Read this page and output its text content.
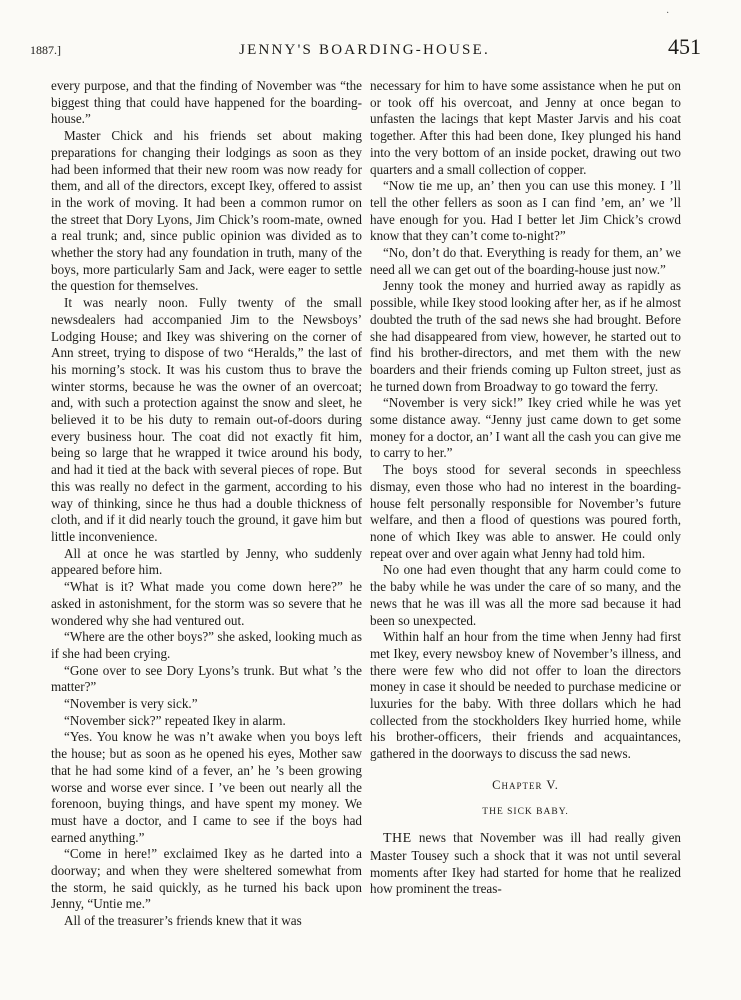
·
1887.]	JENNY'S BOARDING-HOUSE.	451

every purpose, and that the finding of November was “the biggest thing that could have happened for the boarding-house.”

Master Chick and his friends set about making preparations for changing their lodgings as soon as they had been informed that their new room was now ready for them, and all of the directors, except Ikey, offered to assist in the work of moving. It had been a common rumor on the street that Dory Lyons, Jim Chick’s room-mate, owned a real trunk; and, since public opinion was divided as to whether the story had any foundation in truth, many of the boys, more particularly Sam and Jack, were eager to settle the question for themselves.

It was nearly noon. Fully twenty of the small newsdealers had accompanied Jim to the Newsboys’ Lodging House; and Ikey was shivering on the corner of Ann street, trying to dispose of two “Heralds,” the last of his morning’s stock. It was his custom thus to brave the winter storms, because he was the owner of an overcoat; and, with such a protection against the snow and sleet, he believed it to be his duty to remain out-of-doors during every business hour. The coat did not exactly fit him, being so large that he wrapped it twice around his body, and had it tied at the back with several pieces of rope. But this was really no defect in the garment, according to his way of thinking, since he thus had a double thickness of cloth, and if it did nearly touch the ground, it gave him but little inconvenience.

All at once he was startled by Jenny, who suddenly appeared before him.

“What is it? What made you come down here?” he asked in astonishment, for the storm was so severe that he wondered why she had ventured out.

“Where are the other boys?” she asked, looking much as if she had been crying.

“Gone over to see Dory Lyons’s trunk. But what ’s the matter?”

“November is very sick.”

“November sick?” repeated Ikey in alarm.

“Yes. You know he was n’t awake when you boys left the house; but as soon as he opened his eyes, Mother saw that he had some kind of a fever, an’ he ’s been growing worse and worse ever since. I ’ve been out nearly all the forenoon, buying things, and have spent my money. We must have a doctor, and I came to see if the boys had earned anything.”

“Come in here!” exclaimed Ikey as he darted into a doorway; and when they were sheltered somewhat from the storm, he said quickly, as he turned his back upon Jenny, “Untie me.”

All of the treasurer’s friends knew that it was

necessary for him to have some assistance when he put on or took off his overcoat, and Jenny at once began to unfasten the lacings that kept Master Jarvis and his coat together. After this had been done, Ikey plunged his hand into the very bottom of an inside pocket, drawing out two quarters and a small collection of copper.

“Now tie me up, an’ then you can use this money. I ’ll tell the other fellers as soon as I can find ’em, an’ we ’ll have enough for you. Had I better let Jim Chick’s crowd know that they can’t come to-night?”

“No, don’t do that. Everything is ready for them, an’ we need all we can get out of the boarding-house just now.”

Jenny took the money and hurried away as rapidly as possible, while Ikey stood looking after her, as if he almost doubted the truth of the sad news she had brought. Before she had disappeared from view, however, he started out to find his brother-directors, and met them with the new boarders and their friends coming up Fulton street, just as he turned down from Broadway to go toward the ferry.

“November is very sick!” Ikey cried while he was yet some distance away. “Jenny just came down to get some money for a doctor, an’ I want all the cash you can give me to carry to her.”

The boys stood for several seconds in speechless dismay, even those who had no interest in the boarding-house felt personally responsible for November’s future welfare, and then a flood of questions was poured forth, none of which Ikey was able to answer. He could only repeat over and over again what Jenny had told him.

No one had even thought that any harm could come to the baby while he was under the care of so many, and the news that he was ill was all the more sad because it had been so unexpected.

Within half an hour from the time when Jenny had first met Ikey, every newsboy knew of November’s illness, and there were few who did not offer to loan the directors money in case it should be needed to purchase medicine or luxuries for the baby. With three dollars which he had collected from the stockholders Ikey hurried home, while his brother-officers, their friends and acquaintances, gathered in the doorways to discuss the sad news.

Chapter V.
THE SICK BABY.

THE news that November was ill had really given Master Tousey such a shock that it was not until several moments after Ikey had started for home that he realized how prominent the treas-
